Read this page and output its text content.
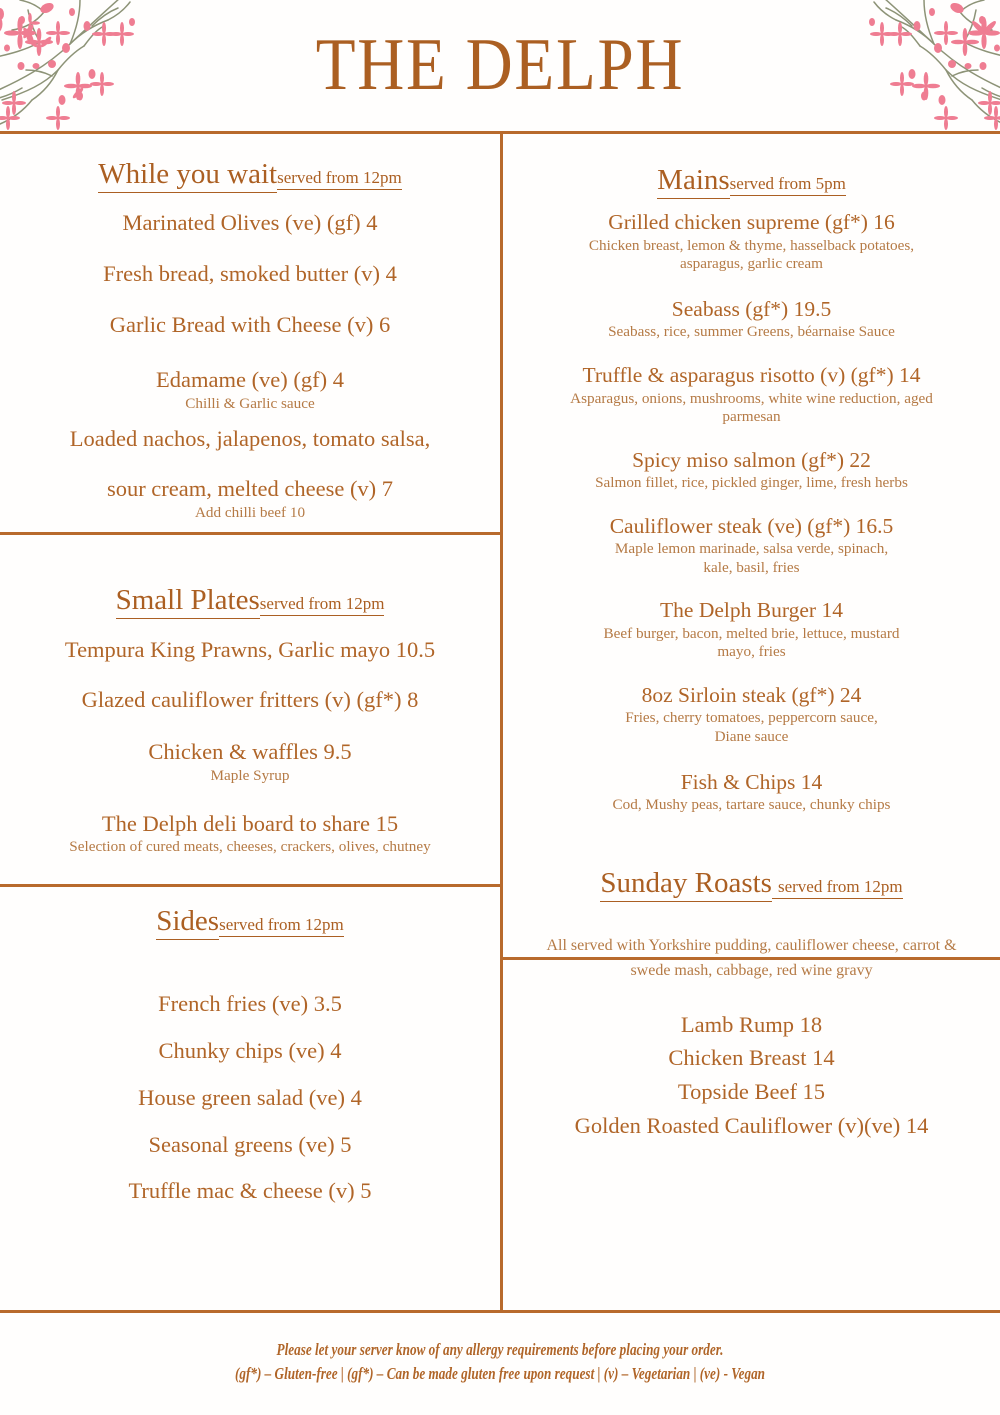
THE DELPH
While you waitserved from 12pm
Marinated Olives (ve) (gf) 4
Fresh bread, smoked butter (v) 4
Garlic Bread with Cheese (v) 6
Edamame (ve) (gf) 4
Chilli & Garlic sauce
Loaded nachos, jalapenos, tomato salsa,
sour cream, melted cheese (v) 7
Add chilli beef 10
Small Platesserved from 12pm
Tempura King Prawns, Garlic mayo 10.5
Glazed cauliflower fritters (v) (gf*) 8
Chicken & waffles 9.5
Maple Syrup
The Delph deli board to share 15
Selection of cured meats, cheeses, crackers, olives, chutney
Sidesserved from 12pm
French fries (ve) 3.5
Chunky chips (ve) 4
House green salad (ve) 4
Seasonal greens (ve) 5
Truffle mac & cheese (v) 5
Mainsserved from 5pm
Grilled chicken supreme (gf*) 16
Chicken breast, lemon & thyme, hasselback potatoes, asparagus, garlic cream
Seabass (gf*) 19.5
Seabass, rice, summer Greens, béarnaise Sauce
Truffle & asparagus risotto (v) (gf*) 14
Asparagus, onions, mushrooms, white wine reduction, aged parmesan
Spicy miso salmon (gf*) 22
Salmon fillet, rice, pickled ginger, lime, fresh herbs
Cauliflower steak (ve) (gf*) 16.5
Maple lemon marinade, salsa verde, spinach, kale, basil, fries
The Delph Burger 14
Beef burger, bacon, melted brie, lettuce, mustard mayo, fries
8oz Sirloin steak (gf*) 24
Fries, cherry tomatoes, peppercorn sauce, Diane sauce
Fish & Chips 14
Cod, Mushy peas, tartare sauce, chunky chips
Sunday Roasts served from 12pm
All served with Yorkshire pudding, cauliflower cheese, carrot & swede mash, cabbage, red wine gravy
Lamb Rump 18
Chicken Breast 14
Topside Beef 15
Golden Roasted Cauliflower (v)(ve) 14
Please let your server know of any allergy requirements before placing your order.
(gf*) – Gluten-free | (gf*) – Can be made gluten free upon request | (v) – Vegetarian | (ve) - Vegan
